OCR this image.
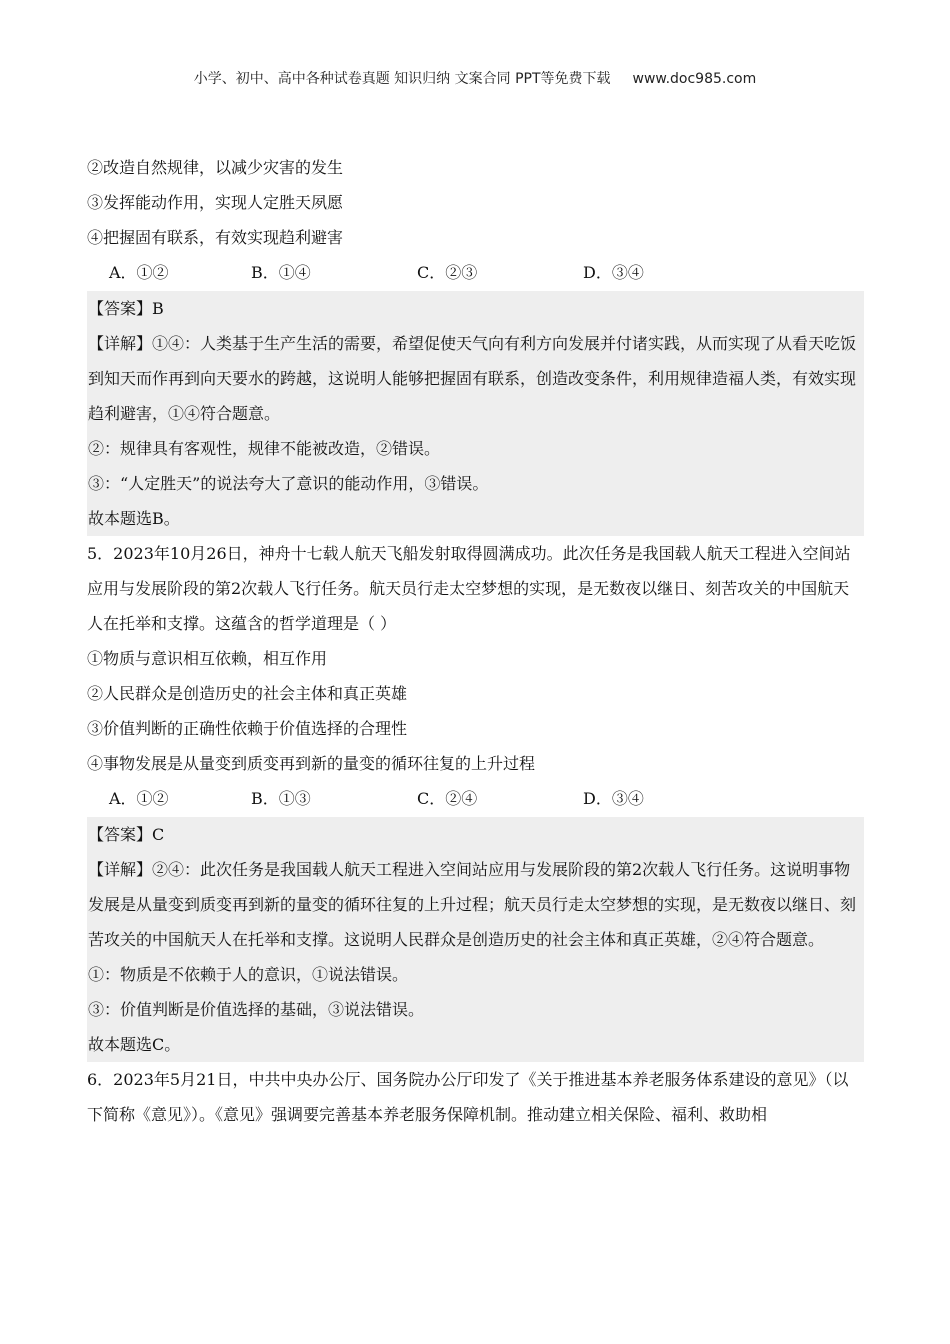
小学、初中、高中各种试卷真题 知识归纳 文案合同 PPT等免费下载 www.doc985.com
②改造自然规律，以减少灾害的发生
③发挥能动作用，实现人定胜天夙愿
④把握固有联系，有效实现趋利避害
A．①②	B．①④	C．②③	D．③④
【答案】B
【详解】①④：人类基于生产生活的需要，希望促使天气向有利方向发展并付诸实践，从而实现了从看天吃饭到知天而作再到向天要水的跨越，这说明人能够把握固有联系，创造改变条件，利用规律造福人类，有效实现趋利避害，①④符合题意。
②：规律具有客观性，规律不能被改造，②错误。
③：“人定胜天”的说法夸大了意识的能动作用，③错误。
故本题选B。
5．2023年10月26日，神舟十七载人航天飞船发射取得圆满成功。此次任务是我国载人航天工程进入空间站应用与发展阶段的第2次载人飞行任务。航天员行走太空梦想的实现，是无数夜以继日、刻苦攻关的中国航天人在托举和支撑。这蕴含的哲学道理是（ ）
①物质与意识相互依赖，相互作用
②人民群众是创造历史的社会主体和真正英雄
③价值判断的正确性依赖于价值选择的合理性
④事物发展是从量变到质变再到新的量变的循环往复的上升过程
A．①②	B．①③	C．②④	D．③④
【答案】C
【详解】②④：此次任务是我国载人航天工程进入空间站应用与发展阶段的第2次载人飞行任务。这说明事物发展是从量变到质变再到新的量变的循环往复的上升过程；航天员行走太空梦想的实现，是无数夜以继日、刻苦攻关的中国航天人在托举和支撑。这说明人民群众是创造历史的社会主体和真正英雄，②④符合题意。
①：物质是不依赖于人的意识，①说法错误。
③：价值判断是价值选择的基础，③说法错误。
故本题选C。
6．2023年5月21日，中共中央办公厅、国务院办公厅印发了《关于推进基本养老服务体系建设的意见》（以下简称《意见》）。《意见》强调要完善基本养老服务保障机制。推动建立相关保险、福利、救助相
